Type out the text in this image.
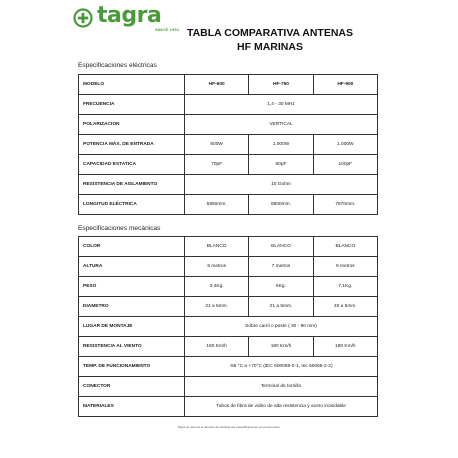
tagra
SINCE 1951 TABLA COMPARATIVA ANTENAS
HF MARINAS
Especificaciones eléctricas
MODELO	HF-600	HF-750	HF-900
FRECUENCIA	1,4 - 30 MHz		
POLARIZACION	VERTICAL		
POTENCIA MÁX. DE ENTRADA	600W	1.000W	1.000W
CAPACIDAD ESTATICA	70pF	80pF	100pF
RESISTENCIA DE AISLAMIENTO	10 Gohm		
LONGITUD ELÉCTRICA	5950mm.	6800mm.	7870mm.
Especificaciones mecánicas
COLOR	BLANCO	BLANCO	BLANCO
ALTURA	6 metros	7 metros	9 metros
PESO	3,4Kg.	6Kg.	7,1Kg.
DIAMETRO	21 a 5mm.	21 a 5mm.	40 a 5mm.
LUGAR DE MONTAJE	Sobre carril o poste ( 30 - 90 mm)		
RESISTENCIA AL VIENTO	180 Km/h	180 Km/h	180 Km/h
TEMP. DE FUNCIONAMIENTO	-55 °C a +70°C (IEC 600068-2-1, Iec 60068-2-2)		
CONECTOR	Terminal de tornillo		
MATERIALES	Tubos de fibra de vidrio de alta resistencia y acero inoxidable		
Tagra se reserva el derecho de cambiar las especificaciones sin previo aviso.
